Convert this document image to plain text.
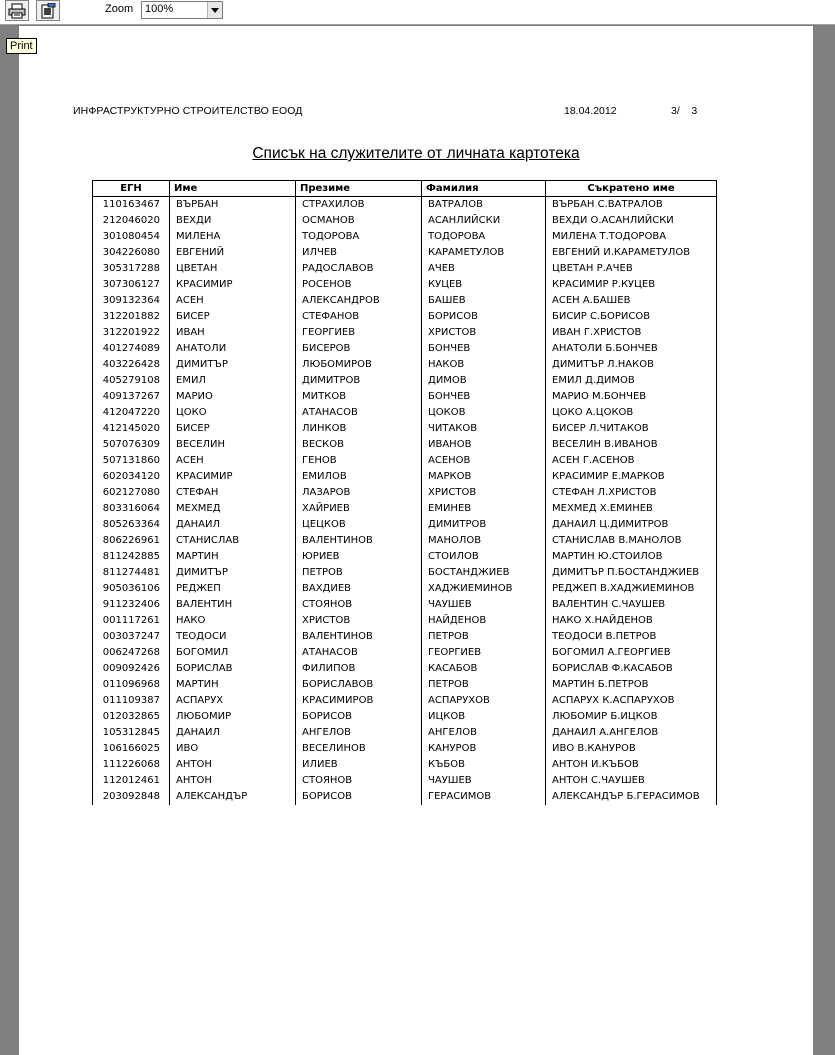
Zoom 100%
Print
ИНФРАСТРУКТУРНО СТРОИТЕЛСТВО ЕООД	18.04.2012	3/    3
Списък на служителите от личната картотека
ЕГН	Име	Презиме	Фамилия	Съкратено име
110163467	ВЪРБАН	СТРАХИЛОВ	ВАТРАЛОВ	ВЪРБАН С.ВАТРАЛОВ
212046020	ВЕХДИ	ОСМАНОВ	АСАНЛИЙСКИ	ВЕХДИ О.АСАНЛИЙСКИ
301080454	МИЛЕНА	ТОДОРОВА	ТОДОРОВА	МИЛЕНА Т.ТОДОРОВА
304226080	ЕВГЕНИЙ	ИЛЧЕВ	КАРАМЕТУЛОВ	ЕВГЕНИЙ И.КАРАМЕТУЛОВ
305317288	ЦВЕТАН	РАДОСЛАВОВ	АЧЕВ	ЦВЕТАН Р.АЧЕВ
307306127	КРАСИМИР	РОСЕНОВ	КУЦЕВ	КРАСИМИР Р.КУЦЕВ
309132364	АСЕН	АЛЕКСАНДРОВ	БАШЕВ	АСЕН А.БАШЕВ
312201882	БИСЕР	СТЕФАНОВ	БОРИСОВ	БИСИР С.БОРИСОВ
312201922	ИВАН	ГЕОРГИЕВ	ХРИСТОВ	ИВАН Г.ХРИСТОВ
401274089	АНАТОЛИ	БИСЕРОВ	БОНЧЕВ	АНАТОЛИ Б.БОНЧЕВ
403226428	ДИМИТЪР	ЛЮБОМИРОВ	НАКОВ	ДИМИТЪР Л.НАКОВ
405279108	ЕМИЛ	ДИМИТРОВ	ДИМОВ	ЕМИЛ Д.ДИМОВ
409137267	МАРИО	МИТКОВ	БОНЧЕВ	МАРИО М.БОНЧЕВ
412047220	ЦОКО	АТАНАСОВ	ЦОКОВ	ЦОКО А.ЦОКОВ
412145020	БИСЕР	ЛИНКОВ	ЧИТАКОВ	БИСЕР Л.ЧИТАКОВ
507076309	ВЕСЕЛИН	ВЕСКОВ	ИВАНОВ	ВЕСЕЛИН В.ИВАНОВ
507131860	АСЕН	ГЕНОВ	АСЕНОВ	АСЕН Г.АСЕНОВ
602034120	КРАСИМИР	ЕМИЛОВ	МАРКОВ	КРАСИМИР Е.МАРКОВ
602127080	СТЕФАН	ЛАЗАРОВ	ХРИСТОВ	СТЕФАН Л.ХРИСТОВ
803316064	МЕХМЕД	ХАЙРИЕВ	ЕМИНЕВ	МЕХМЕД Х.ЕМИНЕВ
805263364	ДАНАИЛ	ЦЕЦКОВ	ДИМИТРОВ	ДАНАИЛ Ц.ДИМИТРОВ
806226961	СТАНИСЛАВ	ВАЛЕНТИНОВ	МАНОЛОВ	СТАНИСЛАВ В.МАНОЛОВ
811242885	МАРТИН	ЮРИЕВ	СТОИЛОВ	МАРТИН Ю.СТОИЛОВ
811274481	ДИМИТЪР	ПЕТРОВ	БОСТАНДЖИЕВ	ДИМИТЪР П.БОСТАНДЖИЕВ
905036106	РЕДЖЕП	ВАХДИЕВ	ХАДЖИЕМИНОВ	РЕДЖЕП В.ХАДЖИЕМИНОВ
911232406	ВАЛЕНТИН	СТОЯНОВ	ЧАУШЕВ	ВАЛЕНТИН С.ЧАУШЕВ
001117261	НАКО	ХРИСТОВ	НАЙДЕНОВ	НАКО Х.НАЙДЕНОВ
003037247	ТЕОДОСИ	ВАЛЕНТИНОВ	ПЕТРОВ	ТЕОДОСИ В.ПЕТРОВ
006247268	БОГОМИЛ	АТАНАСОВ	ГЕОРГИЕВ	БОГОМИЛ А.ГЕОРГИЕВ
009092426	БОРИСЛАВ	ФИЛИПОВ	КАСАБОВ	БОРИСЛАВ Ф.КАСАБОВ
011096968	МАРТИН	БОРИСЛАВОВ	ПЕТРОВ	МАРТИН Б.ПЕТРОВ
011109387	АСПАРУХ	КРАСИМИРОВ	АСПАРУХОВ	АСПАРУХ К.АСПАРУХОВ
012032865	ЛЮБОМИР	БОРИСОВ	ИЦКОВ	ЛЮБОМИР Б.ИЦКОВ
105312845	ДАНАИЛ	АНГЕЛОВ	АНГЕЛОВ	ДАНАИЛ А.АНГЕЛОВ
106166025	ИВО	ВЕСЕЛИНОВ	КАНУРОВ	ИВО В.КАНУРОВ
111226068	АНТОН	ИЛИЕВ	КЪБОВ	АНТОН И.КЪБОВ
112012461	АНТОН	СТОЯНОВ	ЧАУШЕВ	АНТОН С.ЧАУШЕВ
203092848	АЛЕКСАНДЪР	БОРИСОВ	ГЕРАСИМОВ	АЛЕКСАНДЪР Б.ГЕРАСИМОВ
